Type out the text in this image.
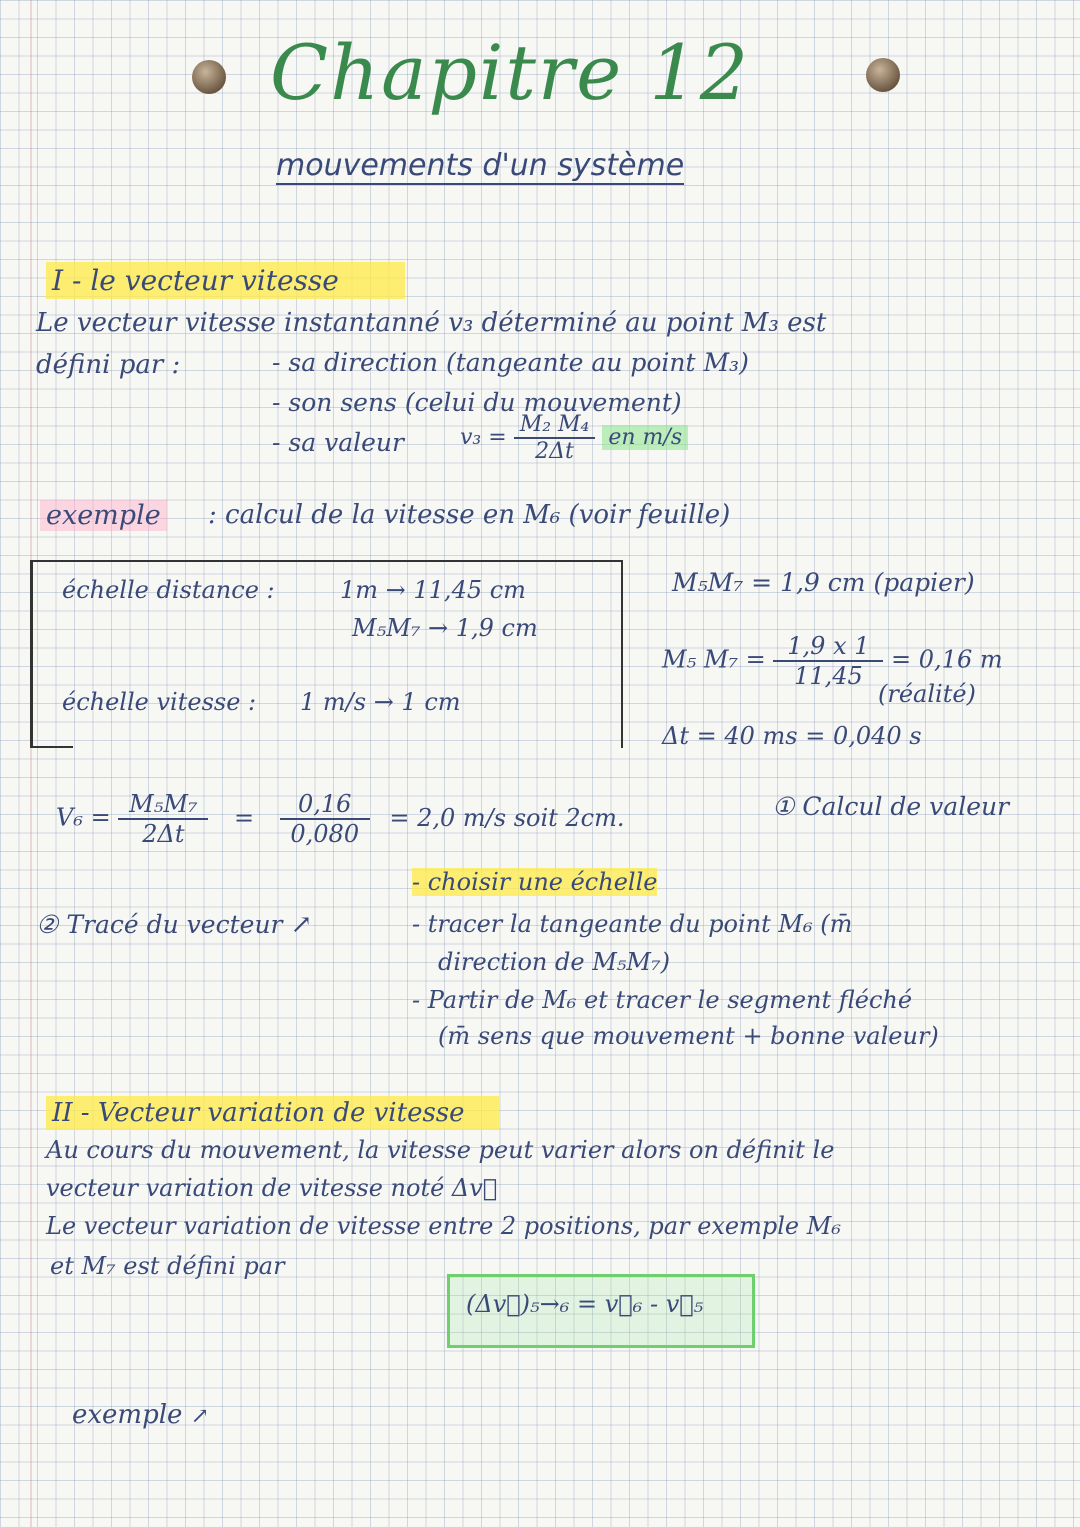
Chapitre 12
mouvements d'un système
I - le vecteur vitesse
Le vecteur vitesse instantanné v₃ déterminé au point M₃ est
défini par :	- sa direction (tangeante au point M₃)
- son sens (celui du mouvement)
- sa valeur	$v_3 = \frac{\text{M₂ M₄}}{2\Delta t}$ en m/s
exemple : calcul de la vitesse en M₆ (voir feuille)
échelle distance :	1m → 11,45 cm
M₅M₇ → 1,9 cm
échelle vitesse : 1 m/s → 1 cm
M₅M₇ = 1,9 cm (papier)
M₅ $M_7 = \frac{1,9 x 1}{11,45} = 0,16$ m
(réalité)
Δt = 40 ms = 0,040 s
$V_6 = \frac{\text{M₅M₇}}{2\Delta t} = \frac{0,16}{0,080} = 2,0$ m/s soit 2cm.	① Calcul de valeur
② Tracé du vecteur ↗
- choisir une échelle
- tracer la tangeante du point M₆ (m̄
direction de M₅M₇)
- Partir de M₆ et tracer le segment fléché
(m̄ sens que mouvement + bonne valeur)
II - Vecteur variation de vitesse
Au cours du mouvement, la vitesse peut varier alors on définit le
vecteur variation de vitesse noté Δv⃗
Le vecteur variation de vitesse entre 2 positions, par exemple M₆
et M₇ est défini par
(Δv⃗)₅→₆ = v⃗₆ - v⃗₅
exemple ↗
